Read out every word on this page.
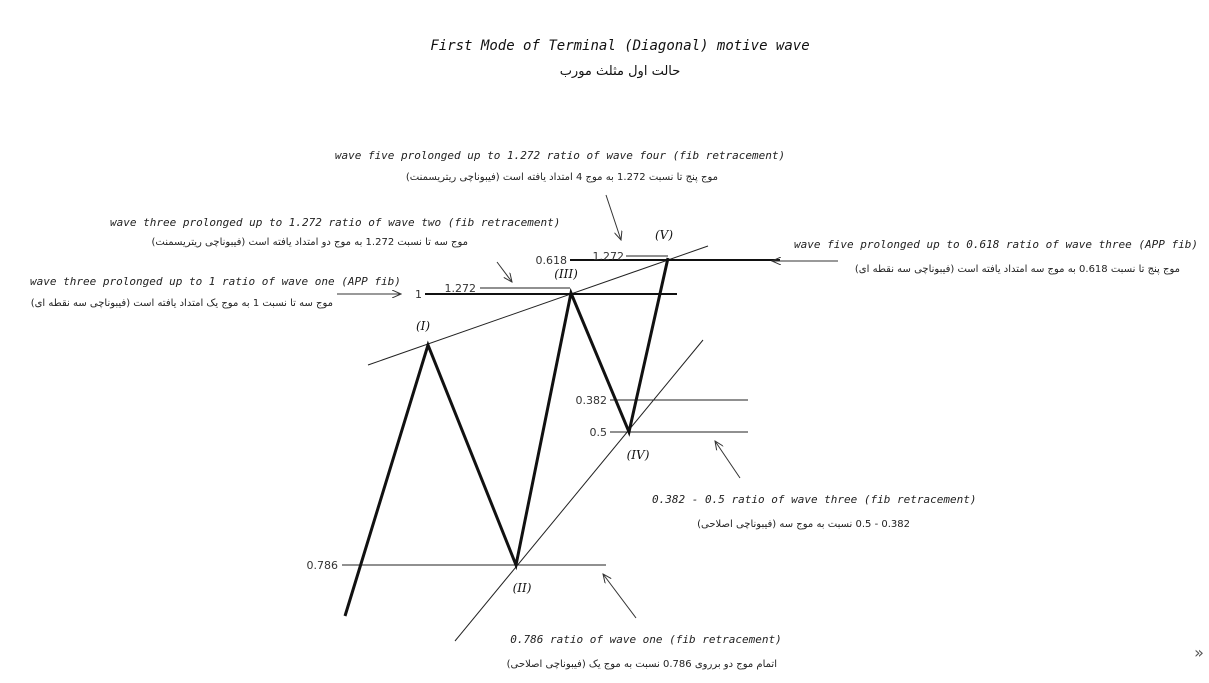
First Mode of Terminal (Diagonal) motive wave
حالت اول مثلث مورب
0.786
1 1.272
0.618 1.272
0.382
0.5
(I)
(II)
(III)
(IV)
(V)
wave three prolonged up to 1 ratio of wave one (APP fib)
موج سه تا نسبت 1 به موج یک امتداد یافته است (فیبوناچی سه نقطه ای)
wave three prolonged up to 1.272 ratio of wave two (fib retracement)
موج سه تا نسبت 1.272 به موج دو امتداد یافته است (فیبوناچی ریتریسمنت)
wave five prolonged up to 1.272 ratio of wave four (fib retracement)
موج پنج تا نسبت 1.272 به موج 4 امتداد یافته است (فیبوناچی ریتریسمنت)
wave five prolonged up to 0.618 ratio of wave three (APP fib)
موج پنج تا نسبت 0.618 به موج سه امتداد یافته است (فیبوناچی سه نقطه ای)
0.382 - 0.5 ratio of wave three (fib retracement)
0.382 - 0.5 نسبت به موج سه (فیبوناچی اصلاحی)
0.786 ratio of wave one (fib retracement)
اتمام موج دو برروی 0.786 نسبت به موج یک (فیبوناچی اصلاحی)
»
